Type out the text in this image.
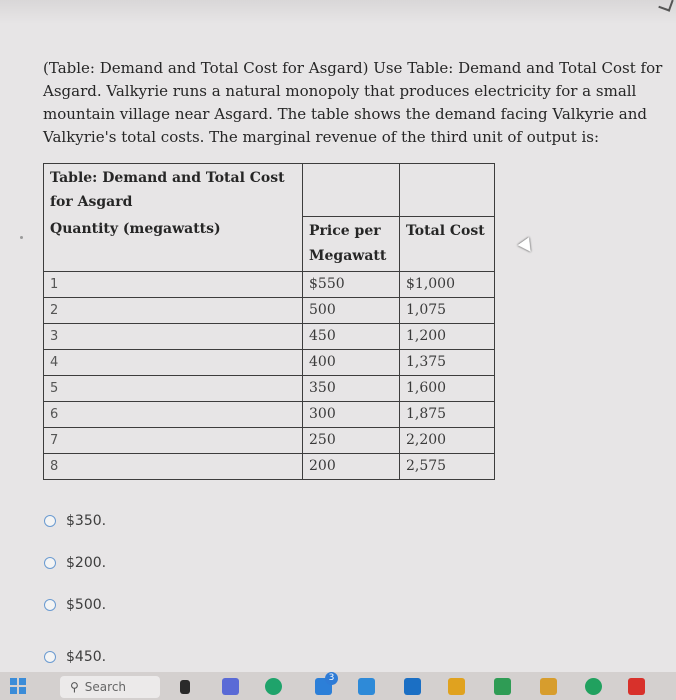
(Table: Demand and Total Cost for Asgard) Use Table: Demand and Total Cost for Asgard. Valkyrie runs a natural monopoly that produces electricity for a small mountain village near Asgard. The table shows the demand facing Valkyrie and Valkyrie's total costs. The marginal revenue of the third unit of output is:
Table: Demand and Total Cost for Asgard
Quantity (megawatts)		

	Price per Megawatt	Total Cost
1	$550	$1,000
2	500	1,075
3	450	1,200
4	400	1,375
5	350	1,600
6	300	1,875
7	250	2,200
8	200	2,575
$350.
$200.
$500.
$450.
⚲ Search
3
